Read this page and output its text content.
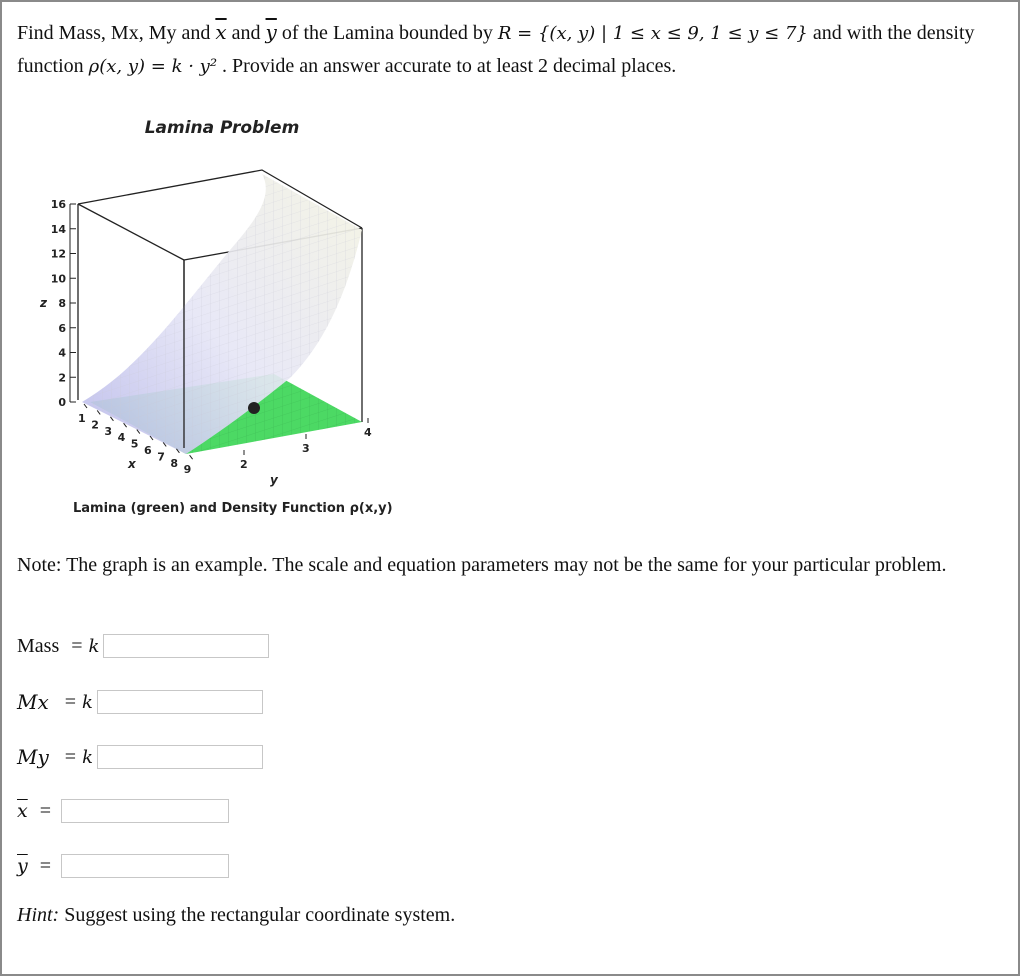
Find Mass, Mx, My and $\overline{x}$ and $\overline{y}$ of the Lamina bounded by R = {(x, y) | 1 ≤ x ≤ 9, 1 ≤ y ≤ 7} and with the density function ρ(x, y) = k · y² . Provide an answer accurate to at least 2 decimal places.
Lamina Problem
16
14
12
10
8
6
4
2
0
z
1 2 3 4 5 6 7 8 9
x	2
3
4
y
Lamina (green) and Density Function ρ(x,y)
Note: The graph is an example. The scale and equation parameters may not be the same for your particular problem.
Mass = k
Mx = k
My = k
$\overline{x}$ =
$\overline{y}$ =
Hint: Suggest using the rectangular coordinate system.
